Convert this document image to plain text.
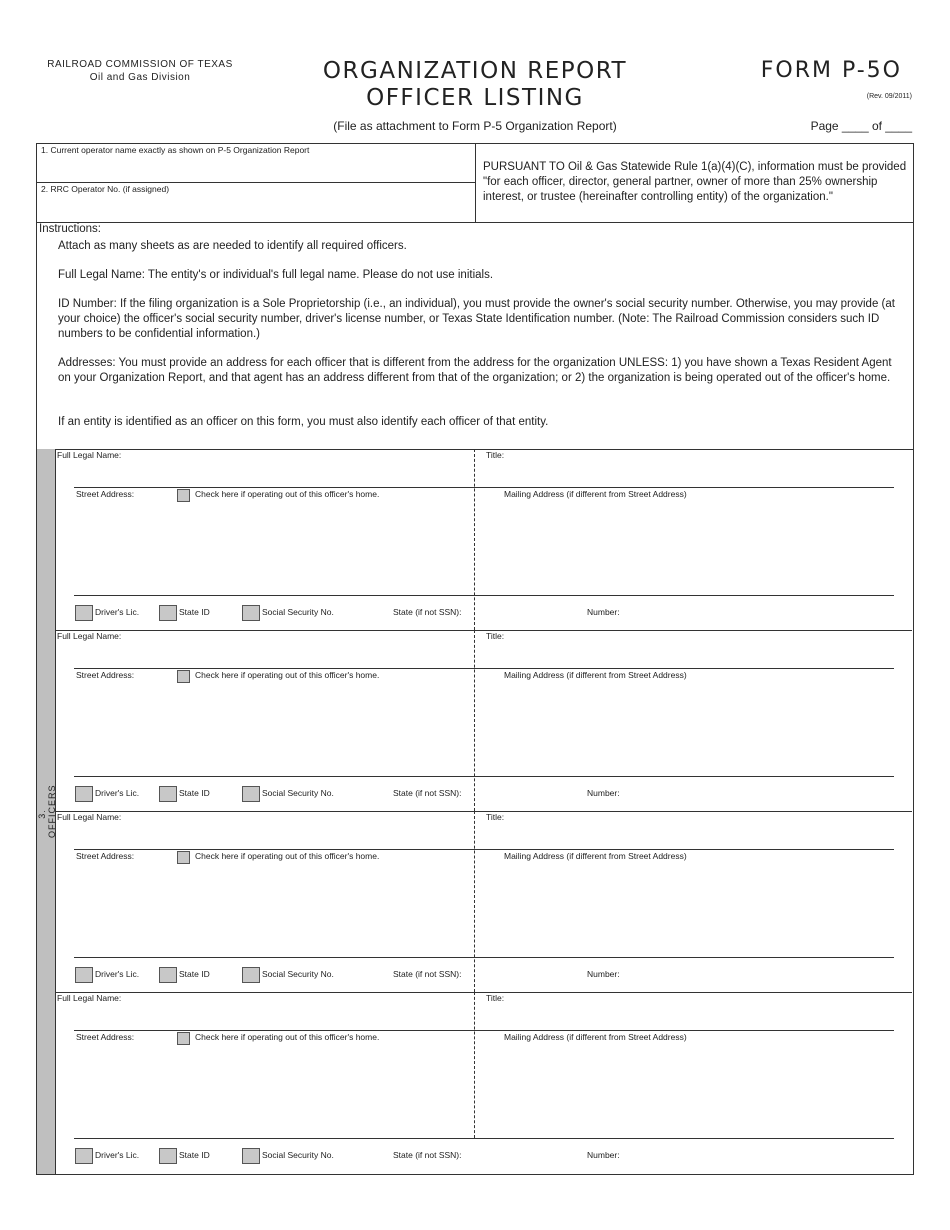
RAILROAD COMMISSION OF TEXAS
Oil and Gas Division	ORGANIZATION REPORT
OFFICER LISTING
(File as attachment to Form P-5 Organization Report)
FORM P-5O
(Rev. 09/2011)
Page ____ of ____
1. Current operator name exactly as shown on P-5 Organization Report
2. RRC Operator No. (if assigned)
PURSUANT TO Oil & Gas Statewide Rule 1(a)(4)(C), information must be provided "for each officer, director, general partner, owner of more than 25% ownership interest, or trustee (hereinafter controlling entity) of the organization."
Instructions:
Attach as many sheets as are needed to identify all required officers.
Full Legal Name: The entity's or individual's full legal name. Please do not use initials.
ID Number: If the filing organization is a Sole Proprietorship (i.e., an individual), you must provide the owner's social security number. Otherwise, you may provide (at your choice) the officer's social security number, driver's license number, or Texas State Identification number. (Note: The Railroad Commission considers such ID numbers to be confidential information.)
Addresses: You must provide an address for each officer that is different from the address for the organization UNLESS: 1) you have shown a Texas Resident Agent on your Organization Report, and that agent has an address different from that of the organization; or 2) the organization is being operated out of the officer's home.
If an entity is identified as an officer on this form, you must also identify each officer of that entity.
3. OFFICERS
Full Legal Name:	Title:
Street Address:	Check here if operating out of this officer's home.	Mailing Address (if different from Street Address)
Driver's Lic.	State ID	Social Security No.	State (if not SSN):	Number:
Full Legal Name:	Title:
Street Address:	Check here if operating out of this officer's home.	Mailing Address (if different from Street Address)
Driver's Lic.	State ID	Social Security No.	State (if not SSN):	Number:
Full Legal Name:	Title:
Street Address:	Check here if operating out of this officer's home.	Mailing Address (if different from Street Address)
Driver's Lic.	State ID	Social Security No.	State (if not SSN):	Number:
Full Legal Name:	Title:
Street Address:	Check here if operating out of this officer's home.	Mailing Address (if different from Street Address)
Driver's Lic.	State ID	Social Security No.	State (if not SSN):	Number:
